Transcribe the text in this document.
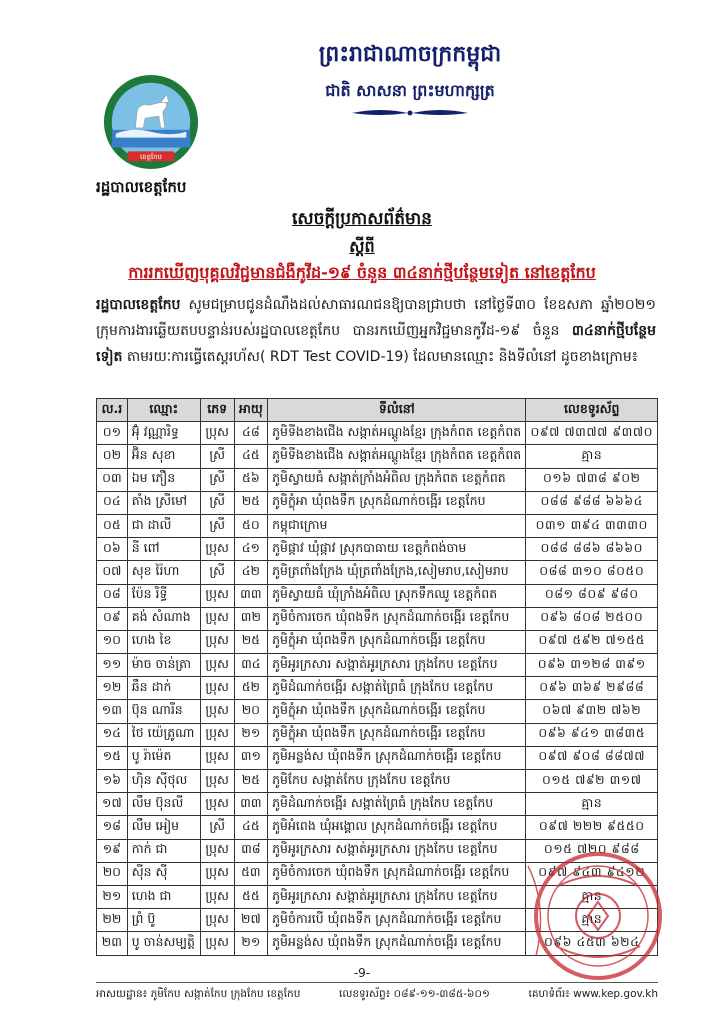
ព្រះរាជាណាចក្រកម្ពុជា
ជាតិ សាសនា ព្រះមហាក្សត្រ
ខេត្តកែប
រដ្ឋបាលខេត្តកែប
សេចក្តីប្រកាសព័ត៌មាន
ស្តីពី
ការរកឃើញបុគ្គលវិជ្ជមានជំងឺកូវីដ-១៩ ចំនួន ៣៤នាក់ថ្មីបន្ថែមទៀត នៅខេត្តកែប
រដ្ឋបាលខេត្តកែប សូមជម្រាបជូនដំណឹងដល់សាធារណជនឱ្យបានជ្រាបថា នៅថ្ងៃទី៣០ ខែឧសភា ឆ្នាំ២០២១ ក្រុមការងារឆ្លើយតបបន្ទាន់របស់រដ្ឋបាលខេត្តកែប បានរកឃើញអ្នកវិជ្ជមានកូវីដ-១៩ ចំនួន ៣៤នាក់ថ្មីបន្ថែមទៀត តាមរយៈការធ្វើតេស្តរហ័ស( RDT Test COVID-19) ដែលមានឈ្មោះ និងទីលំនៅ ដូចខាងក្រោម៖
ល.រ	ឈ្មោះ	ភេទ	អាយុ	ទីលំនៅ	លេខទូរស័ព្ទ
០១	អ៊ុំ វណ្ណារិទ្ធ	ប្រុស	៤៨	ភូមិទីងខាងជើង សង្កាត់អណ្តូងខ្មែរ ក្រុងកំពត ខេត្តកំពត	០៩៧ ៧៣៧៧ ៩៣៧០
០២	អ៊ិន សុខា	ស្រី	៤៥	ភូមិទីងខាងជើង សង្កាត់អណ្តូងខ្មែរ ក្រុងកំពត ខេត្តកំពត	គ្មាន
០៣	ឯម ភឿន	ស្រី	៥៦	ភូមិស្វាយធំ សង្កាត់ក្រាំងអំពិល ក្រុងកំពត ខេត្តកំពត	០១៦ ៧៣៨ ៩០២
០៤	តាំង ស្រីមៅ	ស្រី	២៥	ភូមិក្លុំអា ឃុំពងទឹក ស្រុកដំណាក់ចង្អើរ ខេត្តកែប	០៨៨ ៩៨៨ ៦៦៦៤
០៥	ជា ដាលី	ស្រី	៥០	កម្ពុជាក្រោម	០៣១ ៣៩៤ ៣៣៣០
០៦	នី ពៅ	ប្រុស	៤១	ភូមិផ្កាវ ឃុំផ្កាវ ស្រុកបាធាយ ខេត្តកំពង់ចាម	០៨៨ ៨៨៦ ៨៦៦០
០៧	សុខ រ៉ៃហា	ស្រី	៤២	ភូមិត្រពាំងក្រែង ឃុំត្រពាំងក្រែង,សៀមរាប,សៀមរាប	០៨៨ ៣១០ ៨០៥០
០៨	ប៉ែន រិទ្ធី	ប្រុស	៣៣	ភូមិស្វាយធំ ឃុំក្រាំងអំពិល ស្រុកទឹកឈូ ខេត្តកំពត	០៨១ ៨០៩ ៩៨០
០៩	គង់ សំណាង	ប្រុស	៣២	ភូមិចំការចេក ឃុំពងទឹក ស្រុកដំណាក់ចង្អើរ ខេត្តកែប	០៩៦ ៨០៨ ២៥០០
១០	ហេង ខៃ	ប្រុស	២៥	ភូមិក្លុំអា ឃុំពងទឹក ស្រុកដំណាក់ចង្អើរ ខេត្តកែប	០៩៧ ៥៩២ ៧១៥៥
១១	ម៉ាច ចាន់ត្រា	ប្រុស	៣៤	ភូមិអូរក្រសារ សង្កាត់អូរក្រសារ ក្រុងកែប ខេត្តកែប	០៩៦ ៣១២៨ ៣៩១
១២	ឆឹន ដាក់	ប្រុស	៥២	ភូមិដំណាក់ចង្អើរ សង្កាត់ព្រៃធំ ក្រុងកែប ខេត្តកែប	០៩៦ ៣៦៩ ២៩៨៨
១៣	ប៊ុន ណារីន	ប្រុស	២០	ភូមិក្លុំអា ឃុំពងទឹក ស្រុកដំណាក់ចង្អើរ ខេត្តកែប	០៦៧ ៩៣២ ៧៦២
១៤	ថៃ យ៉េត្រូណា	ប្រុស	២១	ភូមិក្លុំអា ឃុំពងទឹក ស្រុកដំណាក់ចង្អើរ ខេត្តកែប	០៩៦ ៩៤១ ៣៨៣៥
១៥	បូ រ៉ាម៉េត	ប្រុស	៣១	ភូមិអន្លង់ស ឃុំពងទឹក ស្រុកដំណាក់ចង្អើរ ខេត្តកែប	០៩៧ ៩០៨ ៨៨៧៧
១៦	ហ៊ិន ស៊ីថុល	ប្រុស	២៥	ភូមិកែប សង្កាត់កែប ក្រុងកែប ខេត្តកែប	០១៥ ៧៩២ ៣១៧
១៧	លឹម ប៊ុនលី	ប្រុស	៣៣	ភូមិដំណាក់ចង្អើរ សង្កាត់ព្រៃធំ ក្រុងកែប ខេត្តកែប	គ្មាន
១៨	លឹម អៀម	ស្រី	៤៥	ភូមិអំពេង ឃុំអង្គោល ស្រុកដំណាក់ចង្អើរ ខេត្តកែប	០៩៧ ២២២ ៩៥៥០
១៩	កាក់ ជា	ប្រុស	៣៨	ភូមិអូរក្រសារ សង្កាត់អូរក្រសារ ក្រុងកែប ខេត្តកែប	០១៥ ៧២០ ៩៨៨
២០	ស៊ីន ស៊ី	ប្រុស	៥៣	ភូមិចំការចេក ឃុំពងទឹក ស្រុកដំណាក់ចង្អើរ ខេត្តកែប	០៩៧ ៩៤៣ ៩៤១២
២១	ហេង ជា	ប្រុស	៥៥	ភូមិអូរក្រសារ សង្កាត់អូរក្រសារ ក្រុងកែប ខេត្តកែប	គ្មាន
២២	ព្រំ ប៊ូ	ប្រុស	២៧	ភូមិចំការបើ ឃុំពងទឹក ស្រុកដំណាក់ចង្អើរ ខេត្តកែប	គ្មាន
២៣	បូ ចាន់សម្បត្តិ	ប្រុស	២១	ភូមិអន្លង់ស ឃុំពងទឹក ស្រុកដំណាក់ចង្អើរ ខេត្តកែប	០៩៦ ៤៥៣ ៦២៤
-9-
អាសយដ្ឋាន៖ ភូមិកែប សង្កាត់កែប ក្រុងកែប ខេត្តកែប	លេខទូរស័ព្ទ៖ ០៨៩-១១-៣៨៥-៦០១	គេហទំព័រ៖ www.kep.gov.kh
